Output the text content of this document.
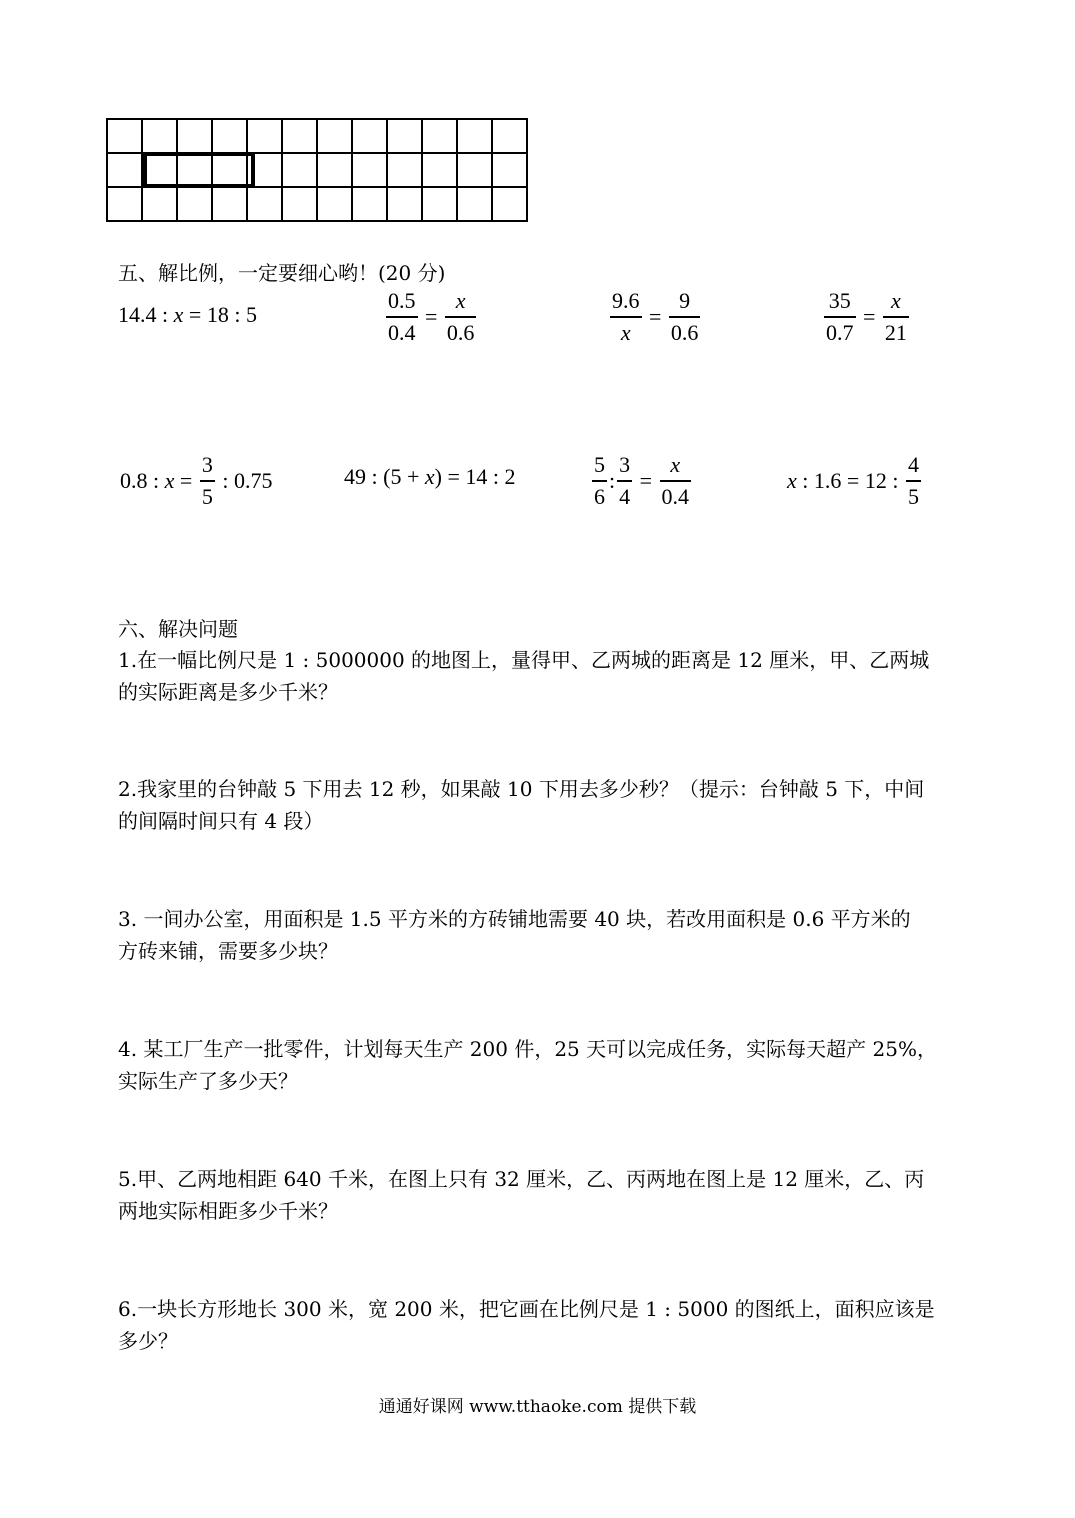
五、解比例，一定要细心哟！(20 分)
14.4 : x = 18 : 5	$\frac{0.5}{0.4} = \frac{x}{0.6}$	$\frac{9.6}{x} = \frac{9}{0.6}$	$\frac{35}{0.7} = \frac{x}{21}$
0.8 : $x = \frac{3}{5}$ : 0.75	49 : ( 5 + x ) = 14 : 2	$\frac{5}{6}$ : $\frac{3}{4} = \frac{x}{0.4}$	x : 1.6 = 12 : $\frac{4}{5}$
六、解决问题
1.在一幅比例尺是 1 : 5000000 的地图上，量得甲、乙两城的距离是 12 厘米，甲、乙两城
的实际距离是多少千米？
2.我家里的台钟敲 5 下用去 12 秒，如果敲 10 下用去多少秒？（提示：台钟敲 5 下，中间
的间隔时间只有 4 段）
3. 一间办公室，用面积是 1.5 平方米的方砖铺地需要 40 块，若改用面积是 0.6 平方米的
方砖来铺，需要多少块？
4. 某工厂生产一批零件，计划每天生产 200 件，25 天可以完成任务，实际每天超产 25%，
实际生产了多少天？
5.甲、乙两地相距 640 千米，在图上只有 32 厘米，乙、丙两地在图上是 12 厘米，乙、丙
两地实际相距多少千米？
6.一块长方形地长 300 米，宽 200 米，把它画在比例尺是 1 : 5000 的图纸上，面积应该是
多少？
通通好课网 www.tthaoke.com 提供下载
